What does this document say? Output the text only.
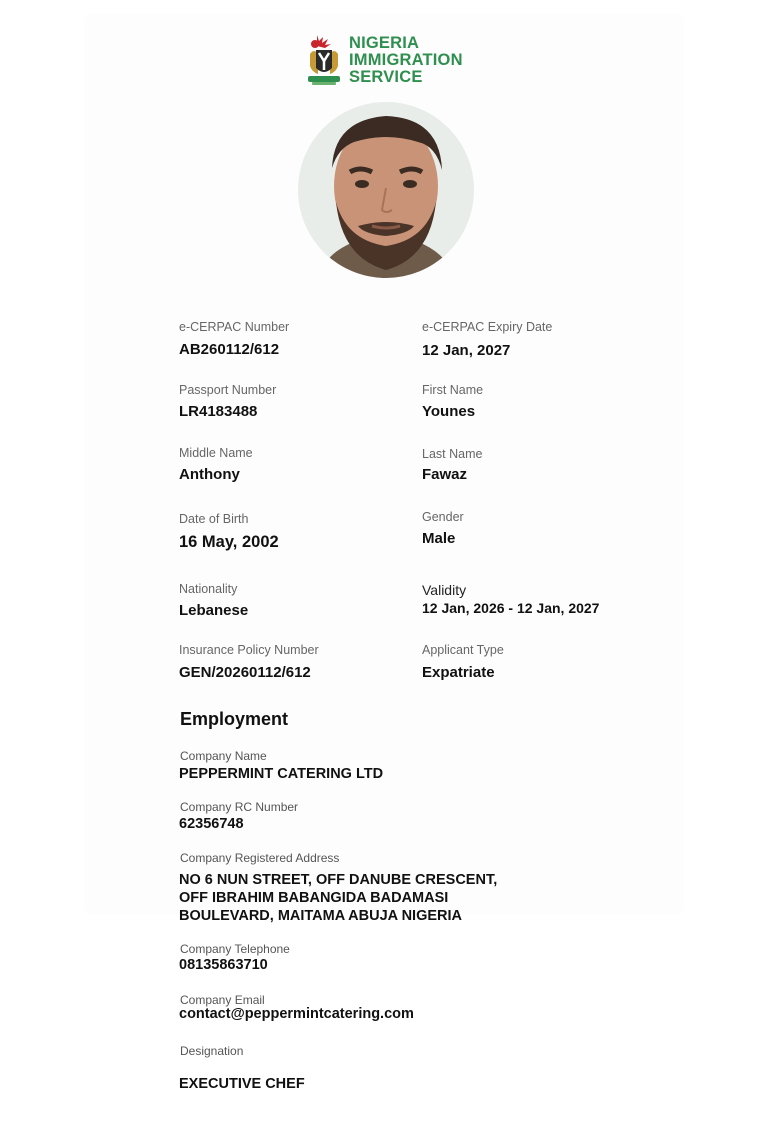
NIGERIA
IMMIGRATION
SERVICE
e-CERPAC Number
AB260112/612
Passport Number
LR4183488
Middle Name
Anthony
Date of Birth
16 May, 2002
Nationality
Lebanese
Insurance Policy Number
GEN/20260112/612
e-CERPAC Expiry Date
12 Jan, 2027
First Name
Younes
Last Name
Fawaz
Gender
Male
Validity
12 Jan, 2026 - 12 Jan, 2027
Applicant Type
Expatriate
Employment
Company Name
PEPPERMINT CATERING LTD
Company RC Number
62356748
Company Registered Address
NO 6 NUN STREET, OFF DANUBE CRESCENT,
OFF IBRAHIM BABANGIDA BADAMASI
BOULEVARD, MAITAMA ABUJA NIGERIA
Company Telephone
08135863710
Company Email
contact@peppermintcatering.com
Designation
EXECUTIVE CHEF
